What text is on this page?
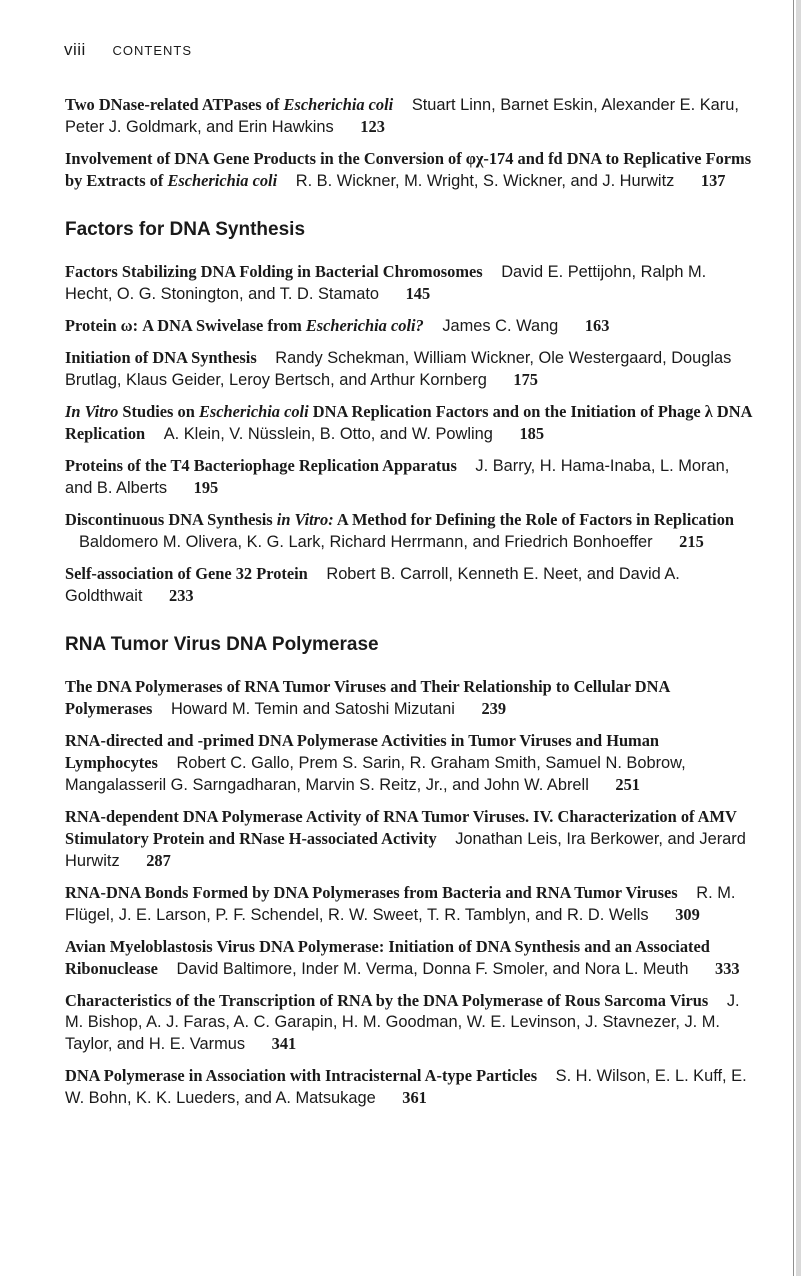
viii CONTENTS
Two DNase-related ATPases of Escherichia coli Stuart Linn, Barnet Eskin, Alexander E. Karu, Peter J. Goldmark, and Erin Hawkins 123
Involvement of DNA Gene Products in the Conversion of φχ-174 and fd DNA to Replicative Forms by Extracts of Escherichia coli R. B. Wickner, M. Wright, S. Wickner, and J. Hurwitz 137
Factors for DNA Synthesis
Factors Stabilizing DNA Folding in Bacterial Chromosomes David E. Pettijohn, Ralph M. Hecht, O. G. Stonington, and T. D. Stamato 145
Protein ω: A DNA Swivelase from Escherichia coli? James C. Wang 163
Initiation of DNA Synthesis Randy Schekman, William Wickner, Ole Westergaard, Douglas Brutlag, Klaus Geider, Leroy Bertsch, and Arthur Kornberg 175
In Vitro Studies on Escherichia coli DNA Replication Factors and on the Initiation of Phage λ DNA Replication A. Klein, V. Nüsslein, B. Otto, and W. Powling 185
Proteins of the T4 Bacteriophage Replication Apparatus J. Barry, H. Hama-Inaba, L. Moran, and B. Alberts 195
Discontinuous DNA Synthesis in Vitro: A Method for Defining the Role of Factors in Replication Baldomero M. Olivera, K. G. Lark, Richard Herrmann, and Friedrich Bonhoeffer 215
Self-association of Gene 32 Protein Robert B. Carroll, Kenneth E. Neet, and David A. Goldthwait 233
RNA Tumor Virus DNA Polymerase
The DNA Polymerases of RNA Tumor Viruses and Their Relationship to Cellular DNA Polymerases Howard M. Temin and Satoshi Mizutani 239
RNA-directed and -primed DNA Polymerase Activities in Tumor Viruses and Human Lymphocytes Robert C. Gallo, Prem S. Sarin, R. Graham Smith, Samuel N. Bobrow, Mangalasseril G. Sarngadharan, Marvin S. Reitz, Jr., and John W. Abrell 251
RNA-dependent DNA Polymerase Activity of RNA Tumor Viruses. IV. Characterization of AMV Stimulatory Protein and RNase H-associated Activity Jonathan Leis, Ira Berkower, and Jerard Hurwitz 287
RNA-DNA Bonds Formed by DNA Polymerases from Bacteria and RNA Tumor Viruses R. M. Flügel, J. E. Larson, P. F. Schendel, R. W. Sweet, T. R. Tamblyn, and R. D. Wells 309
Avian Myeloblastosis Virus DNA Polymerase: Initiation of DNA Synthesis and an Associated Ribonuclease David Baltimore, Inder M. Verma, Donna F. Smoler, and Nora L. Meuth 333
Characteristics of the Transcription of RNA by the DNA Polymerase of Rous Sarcoma Virus J. M. Bishop, A. J. Faras, A. C. Garapin, H. M. Goodman, W. E. Levinson, J. Stavnezer, J. M. Taylor, and H. E. Varmus 341
DNA Polymerase in Association with Intracisternal A-type Particles S. H. Wilson, E. L. Kuff, E. W. Bohn, K. K. Lueders, and A. Matsukage 361
